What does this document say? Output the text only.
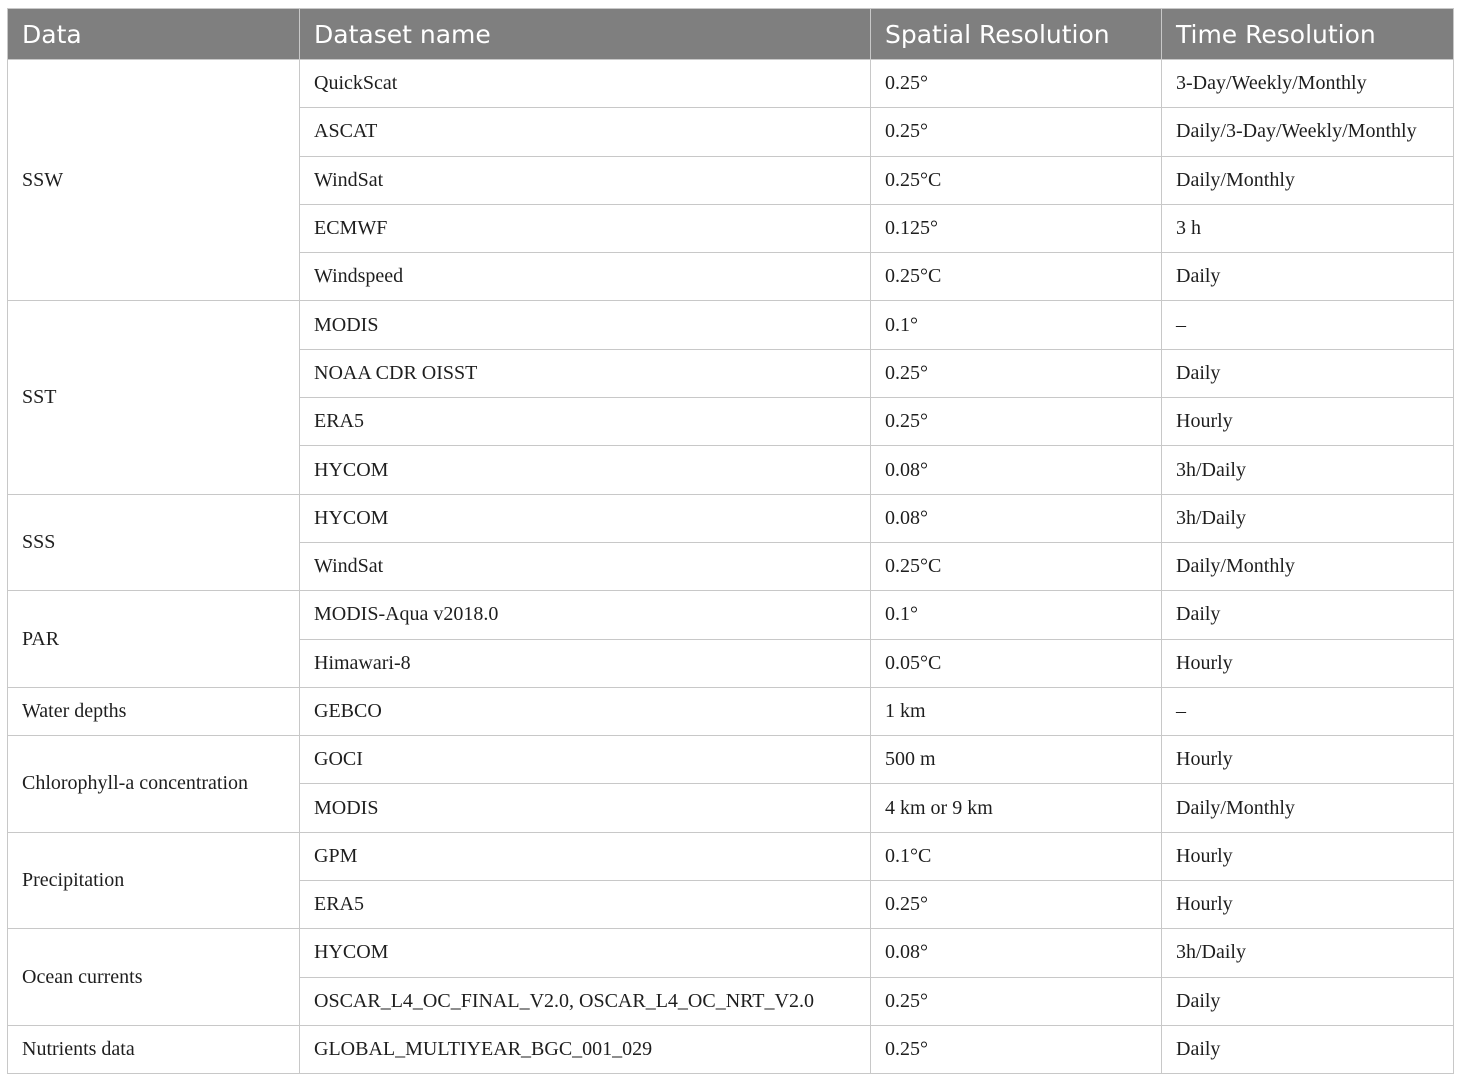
Data	Dataset name	Spatial Resolution	Time Resolution
SSW	QuickScat	0.25°	3-Day/Weekly/Monthly
	ASCAT	0.25°	Daily/3-Day/Weekly/Monthly
	WindSat	0.25°C	Daily/Monthly
	ECMWF	0.125°	3 h
	Windspeed	0.25°C	Daily
SST	MODIS	0.1°	–
	NOAA CDR OISST	0.25°	Daily
	ERA5	0.25°	Hourly
	HYCOM	0.08°	3h/Daily
SSS	HYCOM	0.08°	3h/Daily
	WindSat	0.25°C	Daily/Monthly
PAR	MODIS-Aqua v2018.0	0.1°	Daily
	Himawari-8	0.05°C	Hourly
Water depths	GEBCO	1 km	–
Chlorophyll-a concentration	GOCI	500 m	Hourly
	MODIS	4 km or 9 km	Daily/Monthly
Precipitation	GPM	0.1°C	Hourly
	ERA5	0.25°	Hourly
Ocean currents	HYCOM	0.08°	3h/Daily
	OSCAR_L4_OC_FINAL_V2.0, OSCAR_L4_OC_NRT_V2.0	0.25°	Daily
Nutrients data	GLOBAL_MULTIYEAR_BGC_001_029	0.25°	Daily
